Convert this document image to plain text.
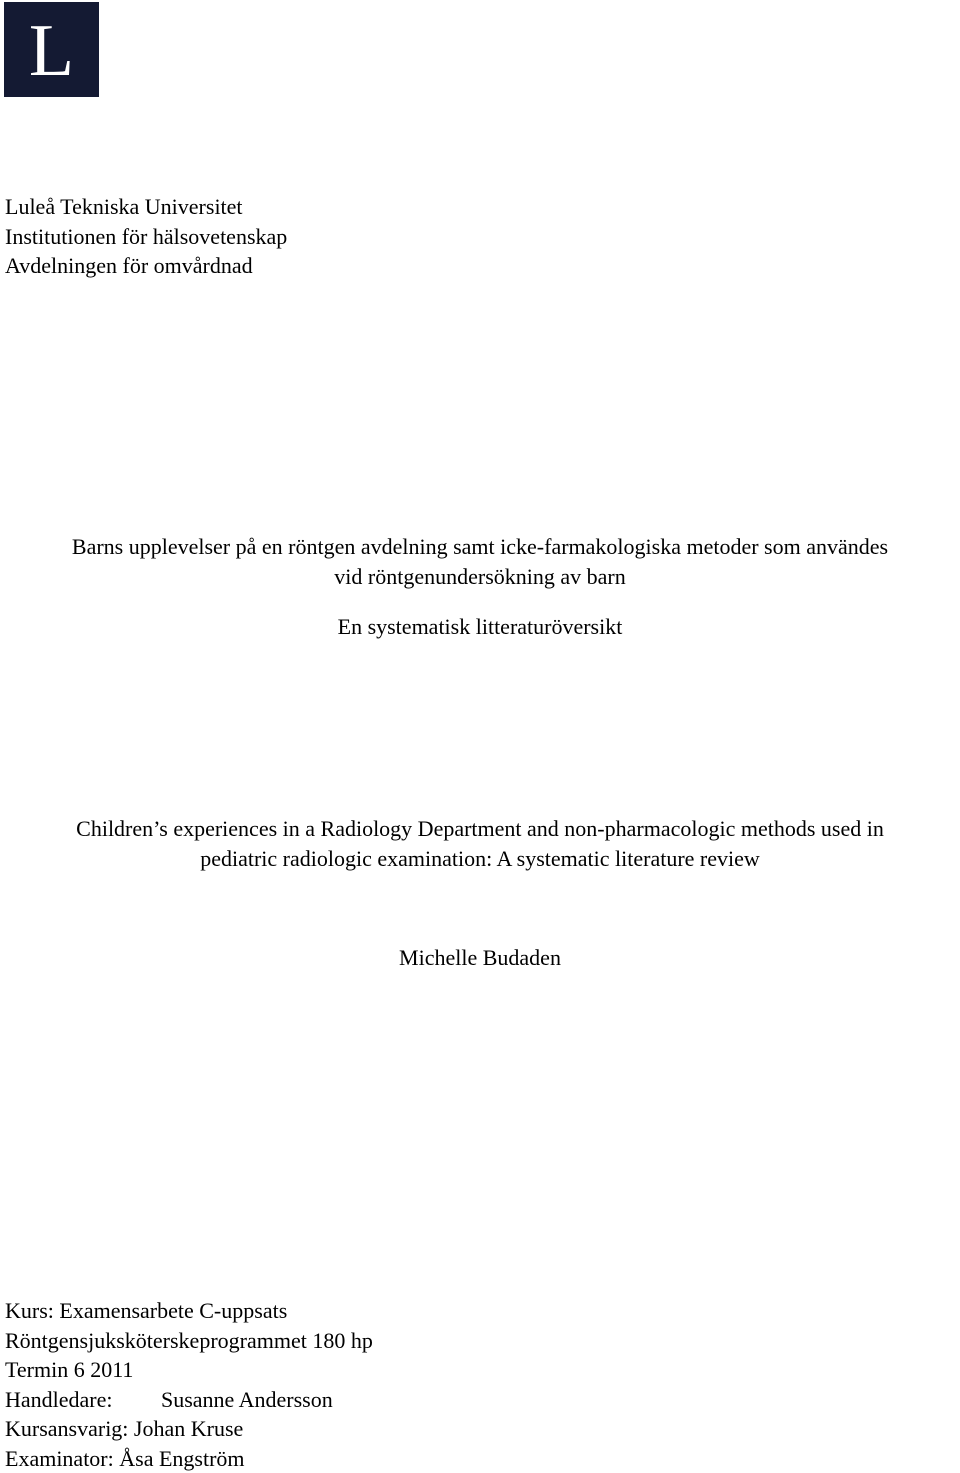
L
Luleå Tekniska Universitet
Institutionen för hälsovetenskap
Avdelningen för omvårdnad
Barns upplevelser på en röntgen avdelning samt icke-farmakologiska metoder som användes
vid röntgenundersökning av barn
En systematisk litteraturöversikt
Children’s experiences in a Radiology Department and non-pharmacologic methods used in
pediatric radiologic examination: A systematic literature review
Michelle Budaden
Kurs: Examensarbete C-uppsats
Röntgensjuksköterskeprogrammet 180 hp
Termin 6 2011
Handledare: Susanne Andersson
Kursansvarig: Johan Kruse
Examinator: Åsa Engström
